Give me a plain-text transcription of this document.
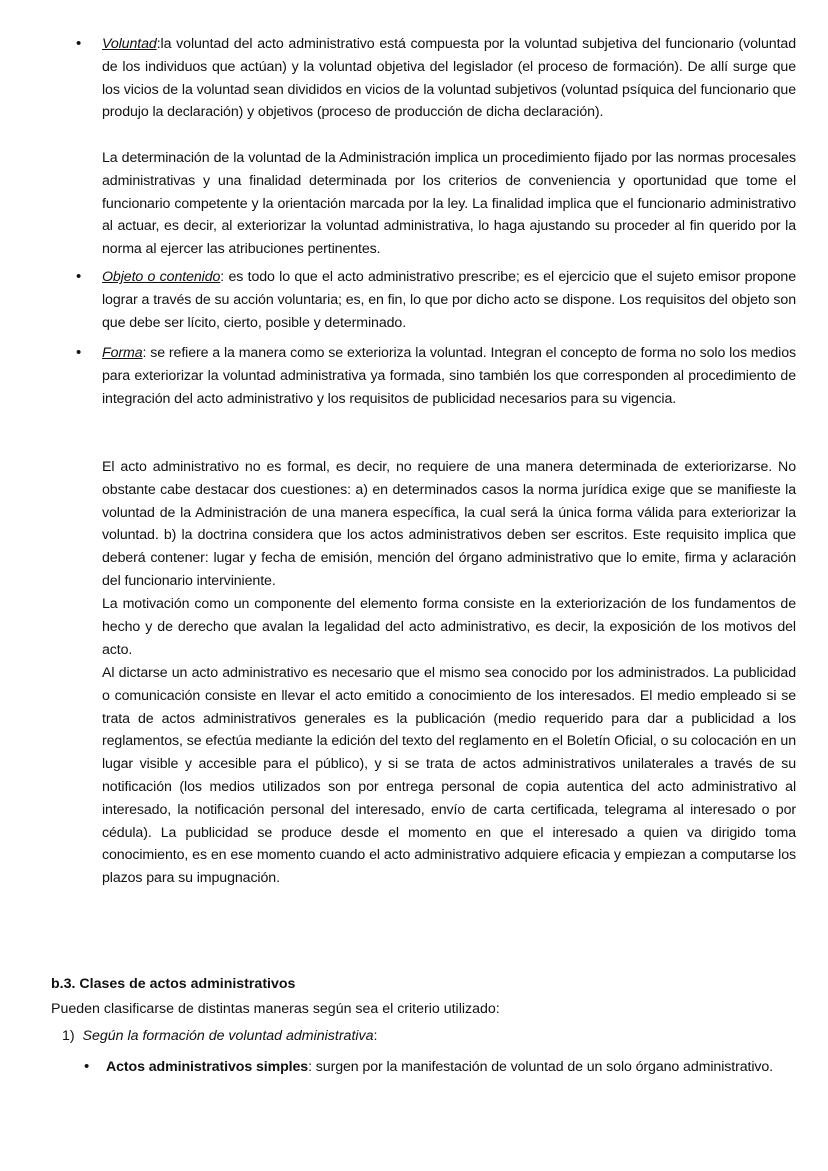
• Voluntad:la voluntad del acto administrativo está compuesta por la voluntad subjetiva del funcionario (voluntad de los individuos que actúan) y la voluntad objetiva del legislador (el proceso de formación). De allí surge que los vicios de la voluntad sean divididos en vicios de la voluntad subjetivos (voluntad psíquica del funcionario que produjo la declaración) y objetivos (proceso de producción de dicha declaración).

La determinación de la voluntad de la Administración implica un procedimiento fijado por las normas procesales administrativas y una finalidad determinada por los criterios de conveniencia y oportunidad que tome el funcionario competente y la orientación marcada por la ley. La finalidad implica que el funcionario administrativo al actuar, es decir, al exteriorizar la voluntad administrativa, lo haga ajustando su proceder al fin querido por la norma al ejercer las atribuciones pertinentes.

• Objeto o contenido: es todo lo que el acto administrativo prescribe; es el ejercicio que el sujeto emisor propone lograr a través de su acción voluntaria; es, en fin, lo que por dicho acto se dispone. Los requisitos del objeto son que debe ser lícito, cierto, posible y determinado.

• Forma: se refiere a la manera como se exterioriza la voluntad. Integran el concepto de forma no solo los medios para exteriorizar la voluntad administrativa ya formada, sino también los que corresponden al procedimiento de integración del acto administrativo y los requisitos de publicidad necesarios para su vigencia.

El acto administrativo no es formal, es decir, no requiere de una manera determinada de exteriorizarse. No obstante cabe destacar dos cuestiones: a) en determinados casos la norma jurídica exige que se manifieste la voluntad de la Administración de una manera específica, la cual será la única forma válida para exteriorizar la voluntad. b) la doctrina considera que los actos administrativos deben ser escritos. Este requisito implica que deberá contener: lugar y fecha de emisión, mención del órgano administrativo que lo emite, firma y aclaración del funcionario interviniente.

La motivación como un componente del elemento forma consiste en la exteriorización de los fundamentos de hecho y de derecho que avalan la legalidad del acto administrativo, es decir, la exposición de los motivos del acto.

Al dictarse un acto administrativo es necesario que el mismo sea conocido por los administrados. La publicidad o comunicación consiste en llevar el acto emitido a conocimiento de los interesados. El medio empleado si se trata de actos administrativos generales es la publicación (medio requerido para dar a publicidad a los reglamentos, se efectúa mediante la edición del texto del reglamento en el Boletín Oficial, o su colocación en un lugar visible y accesible para el público), y si se trata de actos administrativos unilaterales a través de su notificación (los medios utilizados son por entrega personal de copia autentica del acto administrativo al interesado, la notificación personal del interesado, envío de carta certificada, telegrama al interesado o por cédula). La publicidad se produce desde el momento en que el interesado a quien va dirigido toma conocimiento, es en ese momento cuando el acto administrativo adquiere eficacia y empiezan a computarse los plazos para su impugnación.

b.3. Clases de actos administrativos

Pueden clasificarse de distintas maneras según sea el criterio utilizado:

1) Según la formación de voluntad administrativa:

• Actos administrativos simples: surgen por la manifestación de voluntad de un solo órgano administrativo.
